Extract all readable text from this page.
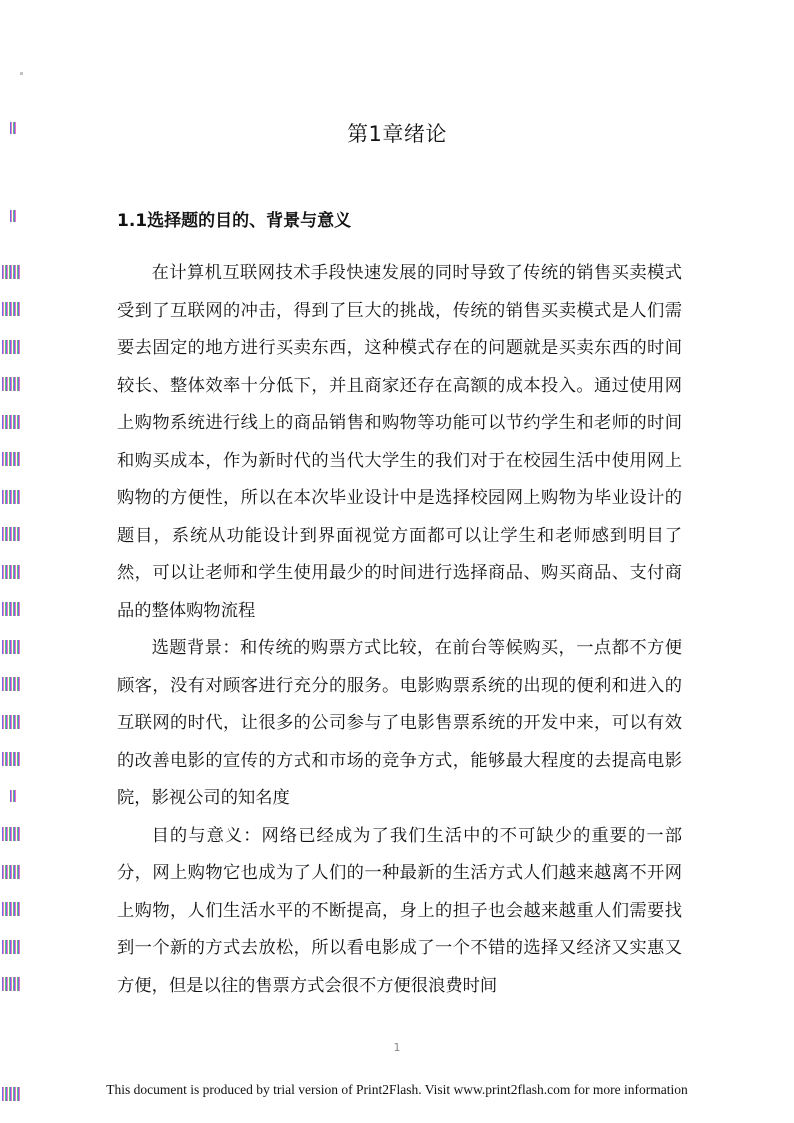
第1章绪论
1.1选择题的目的、背景与意义

在计算机互联网技术手段快速发展的同时导致了传统的销售买卖模式受到了互联网的冲击，得到了巨大的挑战，传统的销售买卖模式是人们需要去固定的地方进行买卖东西，这种模式存在的问题就是买卖东西的时间较长、整体效率十分低下，并且商家还存在高额的成本投入。通过使用网上购物系统进行线上的商品销售和购物等功能可以节约学生和老师的时间和购买成本，作为新时代的当代大学生的我们对于在校园生活中使用网上购物的方便性，所以在本次毕业设计中是选择校园网上购物为毕业设计的题目，系统从功能设计到界面视觉方面都可以让学生和老师感到明目了然，可以让老师和学生使用最少的时间进行选择商品、购买商品、支付商品的整体购物流程

选题背景：和传统的购票方式比较，在前台等候购买，一点都不方便顾客，没有对顾客进行充分的服务。电影购票系统的出现的便利和进入的互联网的时代，让很多的公司参与了电影售票系统的开发中来，可以有效的改善电影的宣传的方式和市场的竞争方式，能够最大程度的去提高电影院，影视公司的知名度

目的与意义：网络已经成为了我们生活中的不可缺少的重要的一部分，网上购物它也成为了人们的一种最新的生活方式人们越来越离不开网上购物，人们生活水平的不断提高，身上的担子也会越来越重人们需要找到一个新的方式去放松，所以看电影成了一个不错的选择又经济又实惠又方便，但是以往的售票方式会很不方便很浪费时间

1
This document is produced by trial version of Print2Flash. Visit www.print2flash.com for more information
